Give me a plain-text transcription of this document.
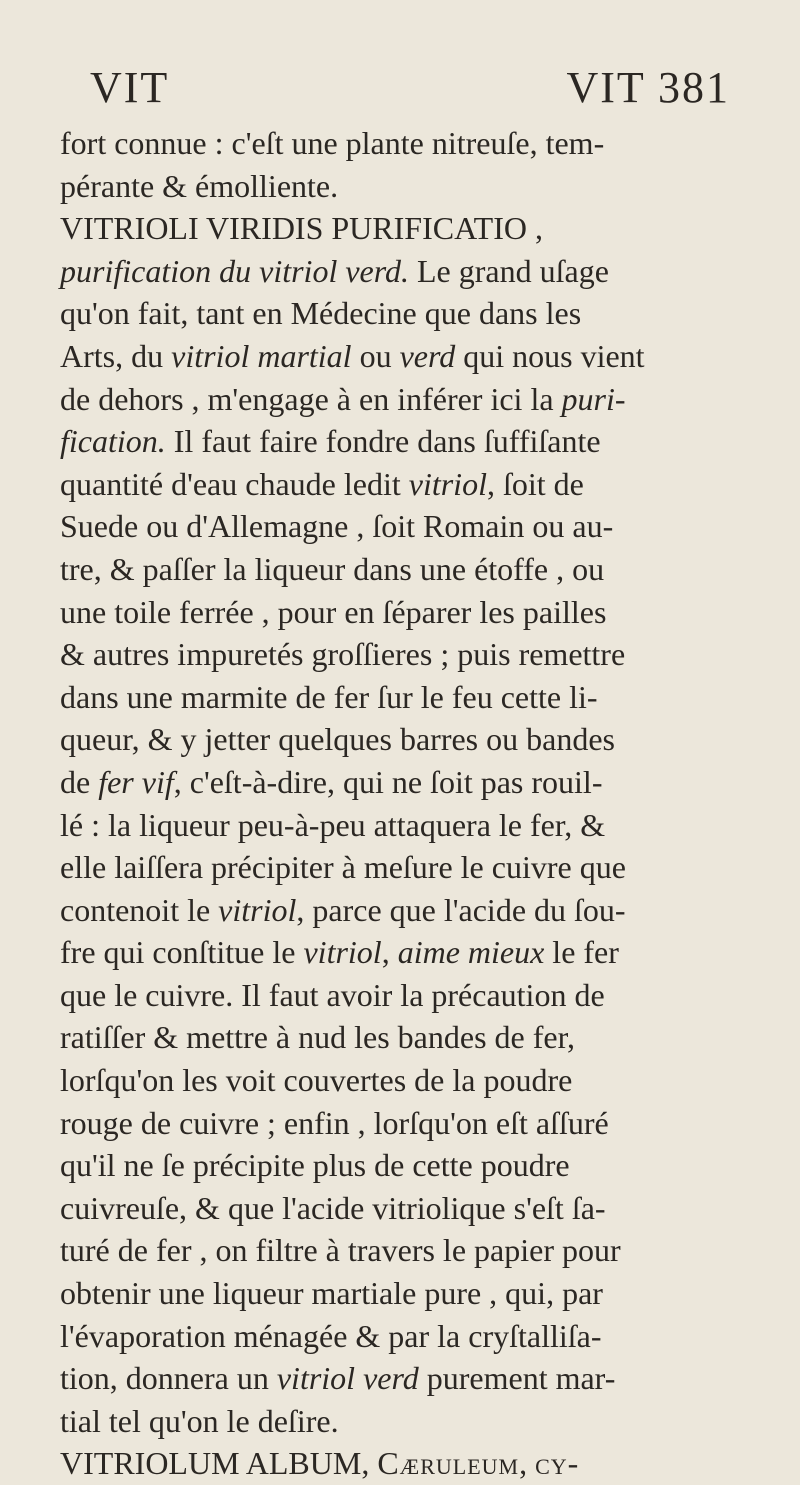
VIT	VIT 381
fort connue : c'eſt une plante nitreuſe, tem-
pérante & émolliente.
VITRIOLI VIRIDIS PURIFICATIO ,
purification du vitriol verd. Le grand uſage
qu'on fait, tant en Médecine que dans les
Arts, du vitriol martial ou verd qui nous vient
de dehors , m'engage à en inférer ici la puri-
fication. Il faut faire fondre dans ſuffiſante
quantité d'eau chaude ledit vitriol, ſoit de
Suede ou d'Allemagne , ſoit Romain ou au-
tre, & paſſer la liqueur dans une étoffe , ou
une toile ferrée , pour en ſéparer les pailles
& autres impuretés groſſieres ; puis remettre
dans une marmite de fer ſur le feu cette li-
queur, & y jetter quelques barres ou bandes
de fer vif, c'eſt-à-dire, qui ne ſoit pas rouil-
lé : la liqueur peu-à-peu attaquera le fer, &
elle laiſſera précipiter à meſure le cuivre que
contenoit le vitriol, parce que l'acide du ſou-
fre qui conſtitue le vitriol, aime mieux le fer
que le cuivre. Il faut avoir la précaution de
ratiſſer & mettre à nud les bandes de fer,
lorſqu'on les voit couvertes de la poudre
rouge de cuivre ; enfin , lorſqu'on eſt aſſuré
qu'il ne ſe précipite plus de cette poudre
cuivreuſe, & que l'acide vitriolique s'eſt ſa-
turé de fer , on filtre à travers le papier pour
obtenir une liqueur martiale pure , qui, par
l'évaporation ménagée & par la cryſtalliſa-
tion, donnera un vitriol verd purement mar-
tial tel qu'on le deſire.
VITRIOLUM ALBUM, Cæruleum, cy-
